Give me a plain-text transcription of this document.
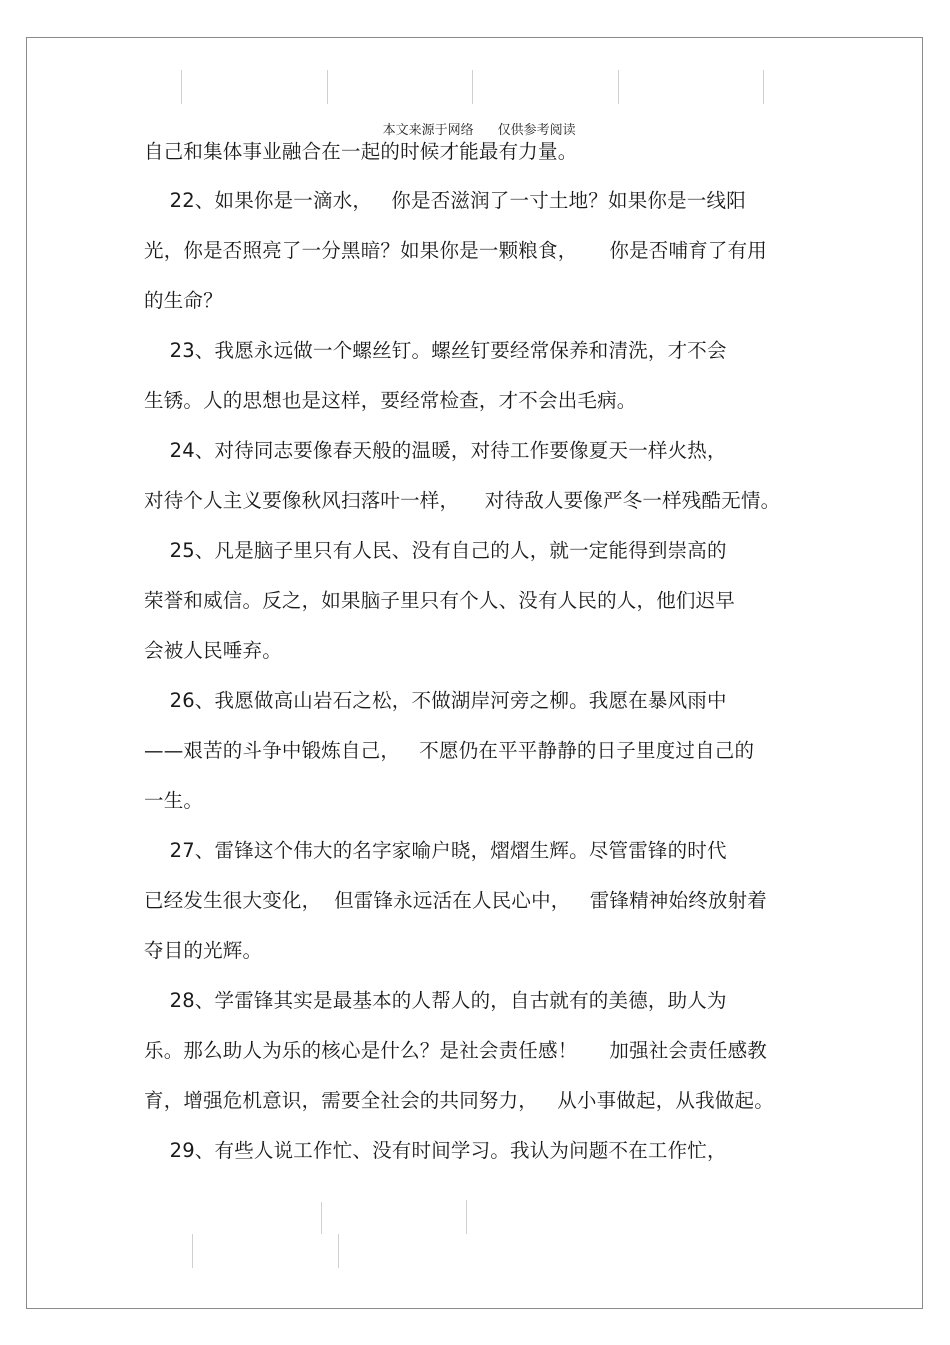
本文来源于网络 仅供参考阅读

自己和集体事业融合在一起的时候才能最有力量。
22、如果你是一滴水，   你是否滋润了一寸土地？如果你是一线阳
光，你是否照亮了一分黑暗？如果你是一颗粮食，     你是否哺育了有用
的生命？
23、我愿永远做一个螺丝钉。螺丝钉要经常保养和清洗，才不会
生锈。人的思想也是这样，要经常检查，才不会出毛病。
24、对待同志要像春天般的温暖，对待工作要像夏天一样火热，
对待个人主义要像秋风扫落叶一样，    对待敌人要像严冬一样残酷无情。
25、凡是脑子里只有人民、没有自己的人，就一定能得到崇高的
荣誉和威信。反之，如果脑子里只有个人、没有人民的人，他们迟早
会被人民唾弃。
26、我愿做高山岩石之松，不做湖岸河旁之柳。我愿在暴风雨中
——艰苦的斗争中锻炼自己，   不愿仍在平平静静的日子里度过自己的
一生。
27、雷锋这个伟大的名字家喻户晓，熠熠生辉。尽管雷锋的时代
已经发生很大变化，  但雷锋永远活在人民心中，   雷锋精神始终放射着
夺目的光辉。
28、学雷锋其实是最基本的人帮人的，自古就有的美德，助人为
乐。那么助人为乐的核心是什么？是社会责任感！     加强社会责任感教
育，增强危机意识，需要全社会的共同努力，   从小事做起，从我做起。
29、有些人说工作忙、没有时间学习。我认为问题不在工作忙，
